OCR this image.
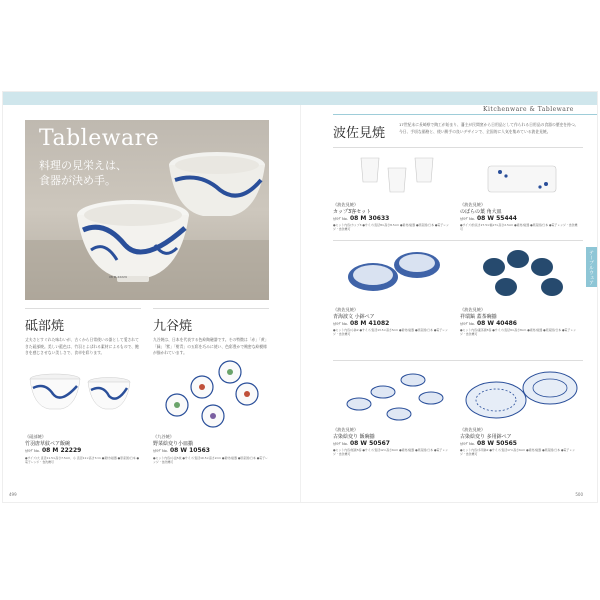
Kitchenware & Tableware
テーブルウェア
Tableware
料理の見栄えは、
食器が決め手。
08 M 22229
砥部焼
丈夫さとすぐれた味わいが、古くから日常使いの器として愛されてきた砥部焼。美しい藍色は、竹羽とよばれる素材によるもので、飽きを感じさせない美しさで、食卓を彩ります。
《砥部焼》
竹羽唐草紋ペア飯碗
ｶﾀﾛｸﾞNo. 08 M 22229
●サイズ/大 直径11.5×高さ7.5cm、小 直径11×高さ7cm ●素材/磁器 ●原産国/日本 ●電子レンジ・食洗機可
九谷焼
九谷焼は、日本を代表する色絵陶磁器です。その特徴は「赤」「黄」「緑」「紫」「紺青」の五彩を巧みに使い、色彩豊かで緻密な絵模様が描かれています。
《九谷焼》
野菜絵変り小皿揃
ｶﾀﾛｸﾞNo. 08 W 10563
●セット内容/小皿5枚 ●サイズ/直径10.5×高さ2cm ●素材/磁器 ●原産国/日本 ●電子レンジ・食洗機可
波佐見焼
17世紀末に長崎県で陶工が始まり、藩主が民間窯から日用品として作られる日用品の食器の歴史を持つ。今日、手頃な価格と、使い勝手の良いデザインで、全国的に人気を集めている波佐見焼。
《波佐見焼》
カップ3客セット
ｶﾀﾛｸﾞNo. 08 M 30633
●セット内容/カップ3 ●サイズ/直径8×高さ8.5cm ●素材/磁器 ●原産国/日本 ●電子レンジ・食洗機可
《波佐見焼》
のばらの葉 角大皿
ｶﾀﾛｸﾞNo. 08 W 55444
●サイズ/約長さ27.5×幅17×高さ2.5cm ●素材/磁器 ●原産国/日本 ●電子レンジ・食洗機可
《波佐見焼》
青海波文 小鉢ペア
ｶﾀﾛｸﾞNo. 08 M 41082
●セット内容/小鉢2 ●サイズ/直径13.5×高さ5cm ●素材/磁器 ●原産国/日本 ●電子レンジ・食洗機可
《波佐見焼》
祥瑞鎬 蓋茶碗揃
ｶﾀﾛｸﾞNo. 08 W 40486
●セット内容/蓋茶碗5客 ●サイズ/直径9×高さ8cm ●素材/磁器 ●原産国/日本 ●電子レンジ・食洗機可
《波佐見焼》
古染絵変り 飯碗揃
ｶﾀﾛｸﾞNo. 08 W 50567
●セット内容/飯碗5客 ●サイズ/直径12×高さ6cm ●素材/磁器 ●原産国/日本 ●電子レンジ・食洗機可
《波佐見焼》
古染絵変り 多用鉢ペア
ｶﾀﾛｸﾞNo. 08 W 50565
●セット内容/多用鉢2 ●サイズ/直径17×高さ6cm ●素材/磁器 ●原産国/日本 ●電子レンジ・食洗機可
499	500
